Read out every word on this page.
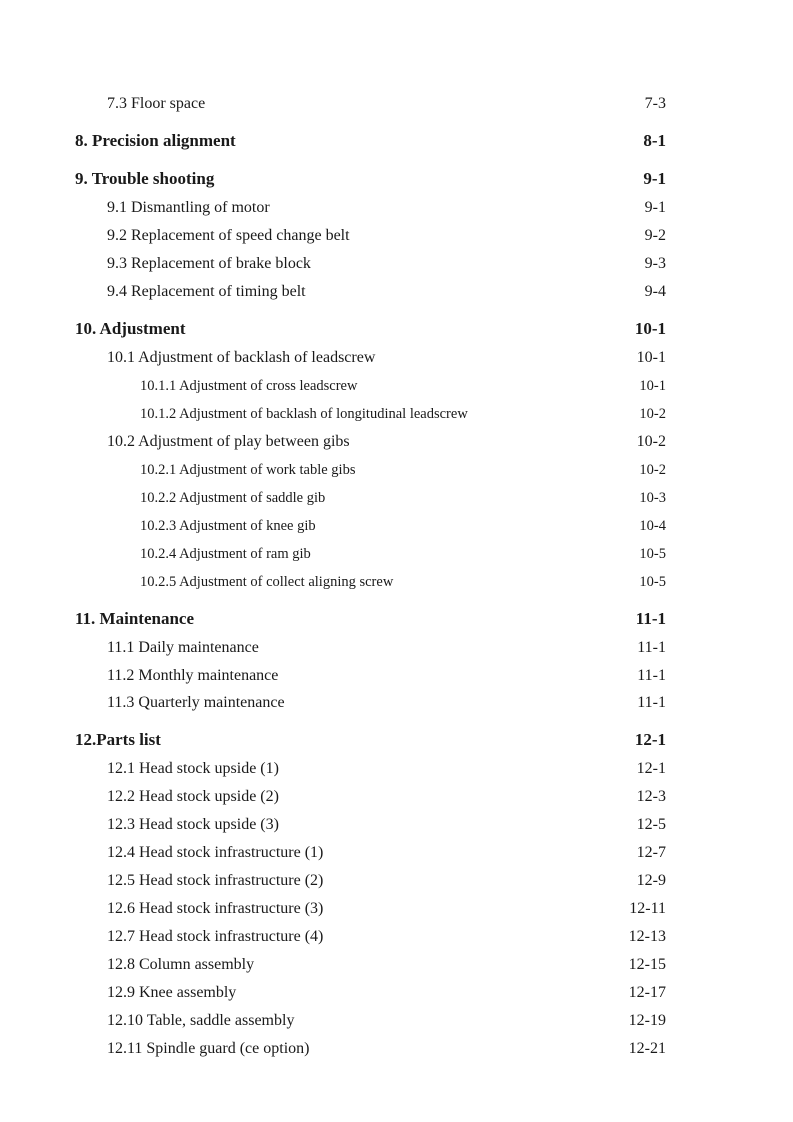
7.3 Floor space	7-3
8. Precision alignment	8-1
9. Trouble shooting	9-1
9.1 Dismantling of motor	9-1
9.2 Replacement of speed change belt	9-2
9.3 Replacement of brake block	9-3
9.4 Replacement of timing belt	9-4
10. Adjustment	10-1
10.1 Adjustment of backlash of leadscrew	10-1
10.1.1 Adjustment of cross leadscrew	10-1
10.1.2 Adjustment of backlash of longitudinal leadscrew	10-2
10.2 Adjustment of play between gibs	10-2
10.2.1 Adjustment of work table gibs	10-2
10.2.2 Adjustment of saddle gib	10-3
10.2.3 Adjustment of knee gib	10-4
10.2.4 Adjustment of ram gib	10-5
10.2.5 Adjustment of collect aligning screw	10-5
11. Maintenance	11-1
11.1 Daily maintenance	11-1
11.2 Monthly maintenance	11-1
11.3 Quarterly maintenance	11-1
12.Parts list	12-1
12.1 Head stock upside (1)	12-1
12.2 Head stock upside (2)	12-3
12.3 Head stock upside (3)	12-5
12.4 Head stock infrastructure (1)	12-7
12.5 Head stock infrastructure (2)	12-9
12.6 Head stock infrastructure (3)	12-11
12.7 Head stock infrastructure (4)	12-13
12.8 Column assembly	12-15
12.9 Knee assembly	12-17
12.10 Table, saddle assembly	12-19
12.11 Spindle guard (ce option)	12-21
